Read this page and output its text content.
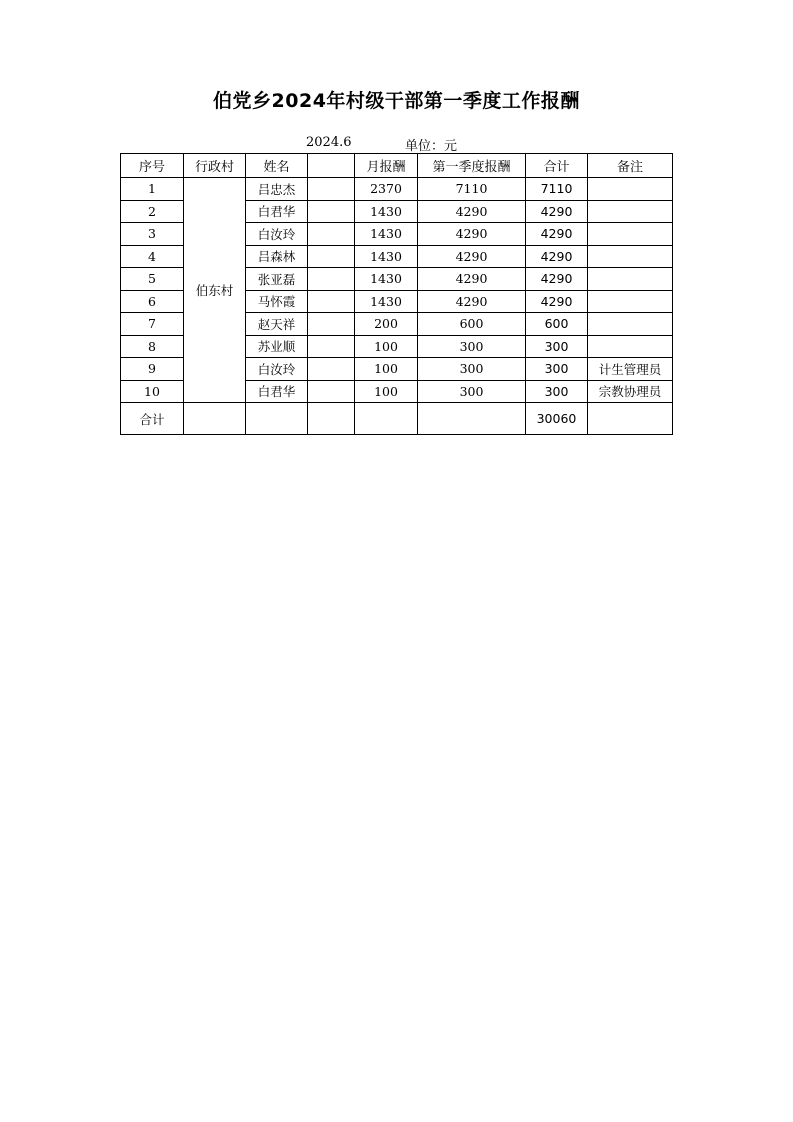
伯党乡2024年村级干部第一季度工作报酬
2024.6	单位：元
序号	行政村	姓名		月报酬	第一季度报酬	合计	备注
1	伯东村	吕忠杰		2370	7110	7110	
2		白君华		1430	4290	4290	
3		白汝玲		1430	4290	4290	
4		吕森林		1430	4290	4290	
5		张亚磊		1430	4290	4290	
6		马怀霞		1430	4290	4290	
7		赵天祥		200	600	600	
8		苏业顺		100	300	300	
9		白汝玲		100	300	300	计生管理员
10		白君华		100	300	300	宗教协理员
合计						30060	
